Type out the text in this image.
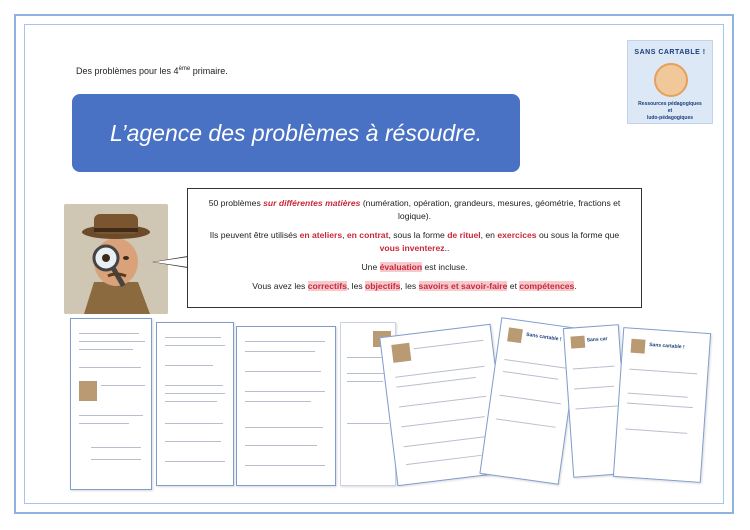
Des problèmes pour les 4ème primaire.
L’agence des problèmes à résoudre.
SANS CARTABLE !
Ressources pédagogiques
et
ludo-pédagogiques

50 problèmes sur différentes matières (numération, opération, grandeurs, mesures, géométrie, fractions et logique).

Ils peuvent être utilisés en ateliers, en contrat, sous la forme de rituel, en exercices ou sous la forme que vous inventerez..

Une évaluation est incluse.

Vous avez les correctifs, les objectifs, les savoirs et savoir-faire et compétences.

Sans cartable !	Sans car
Sans cartable !
